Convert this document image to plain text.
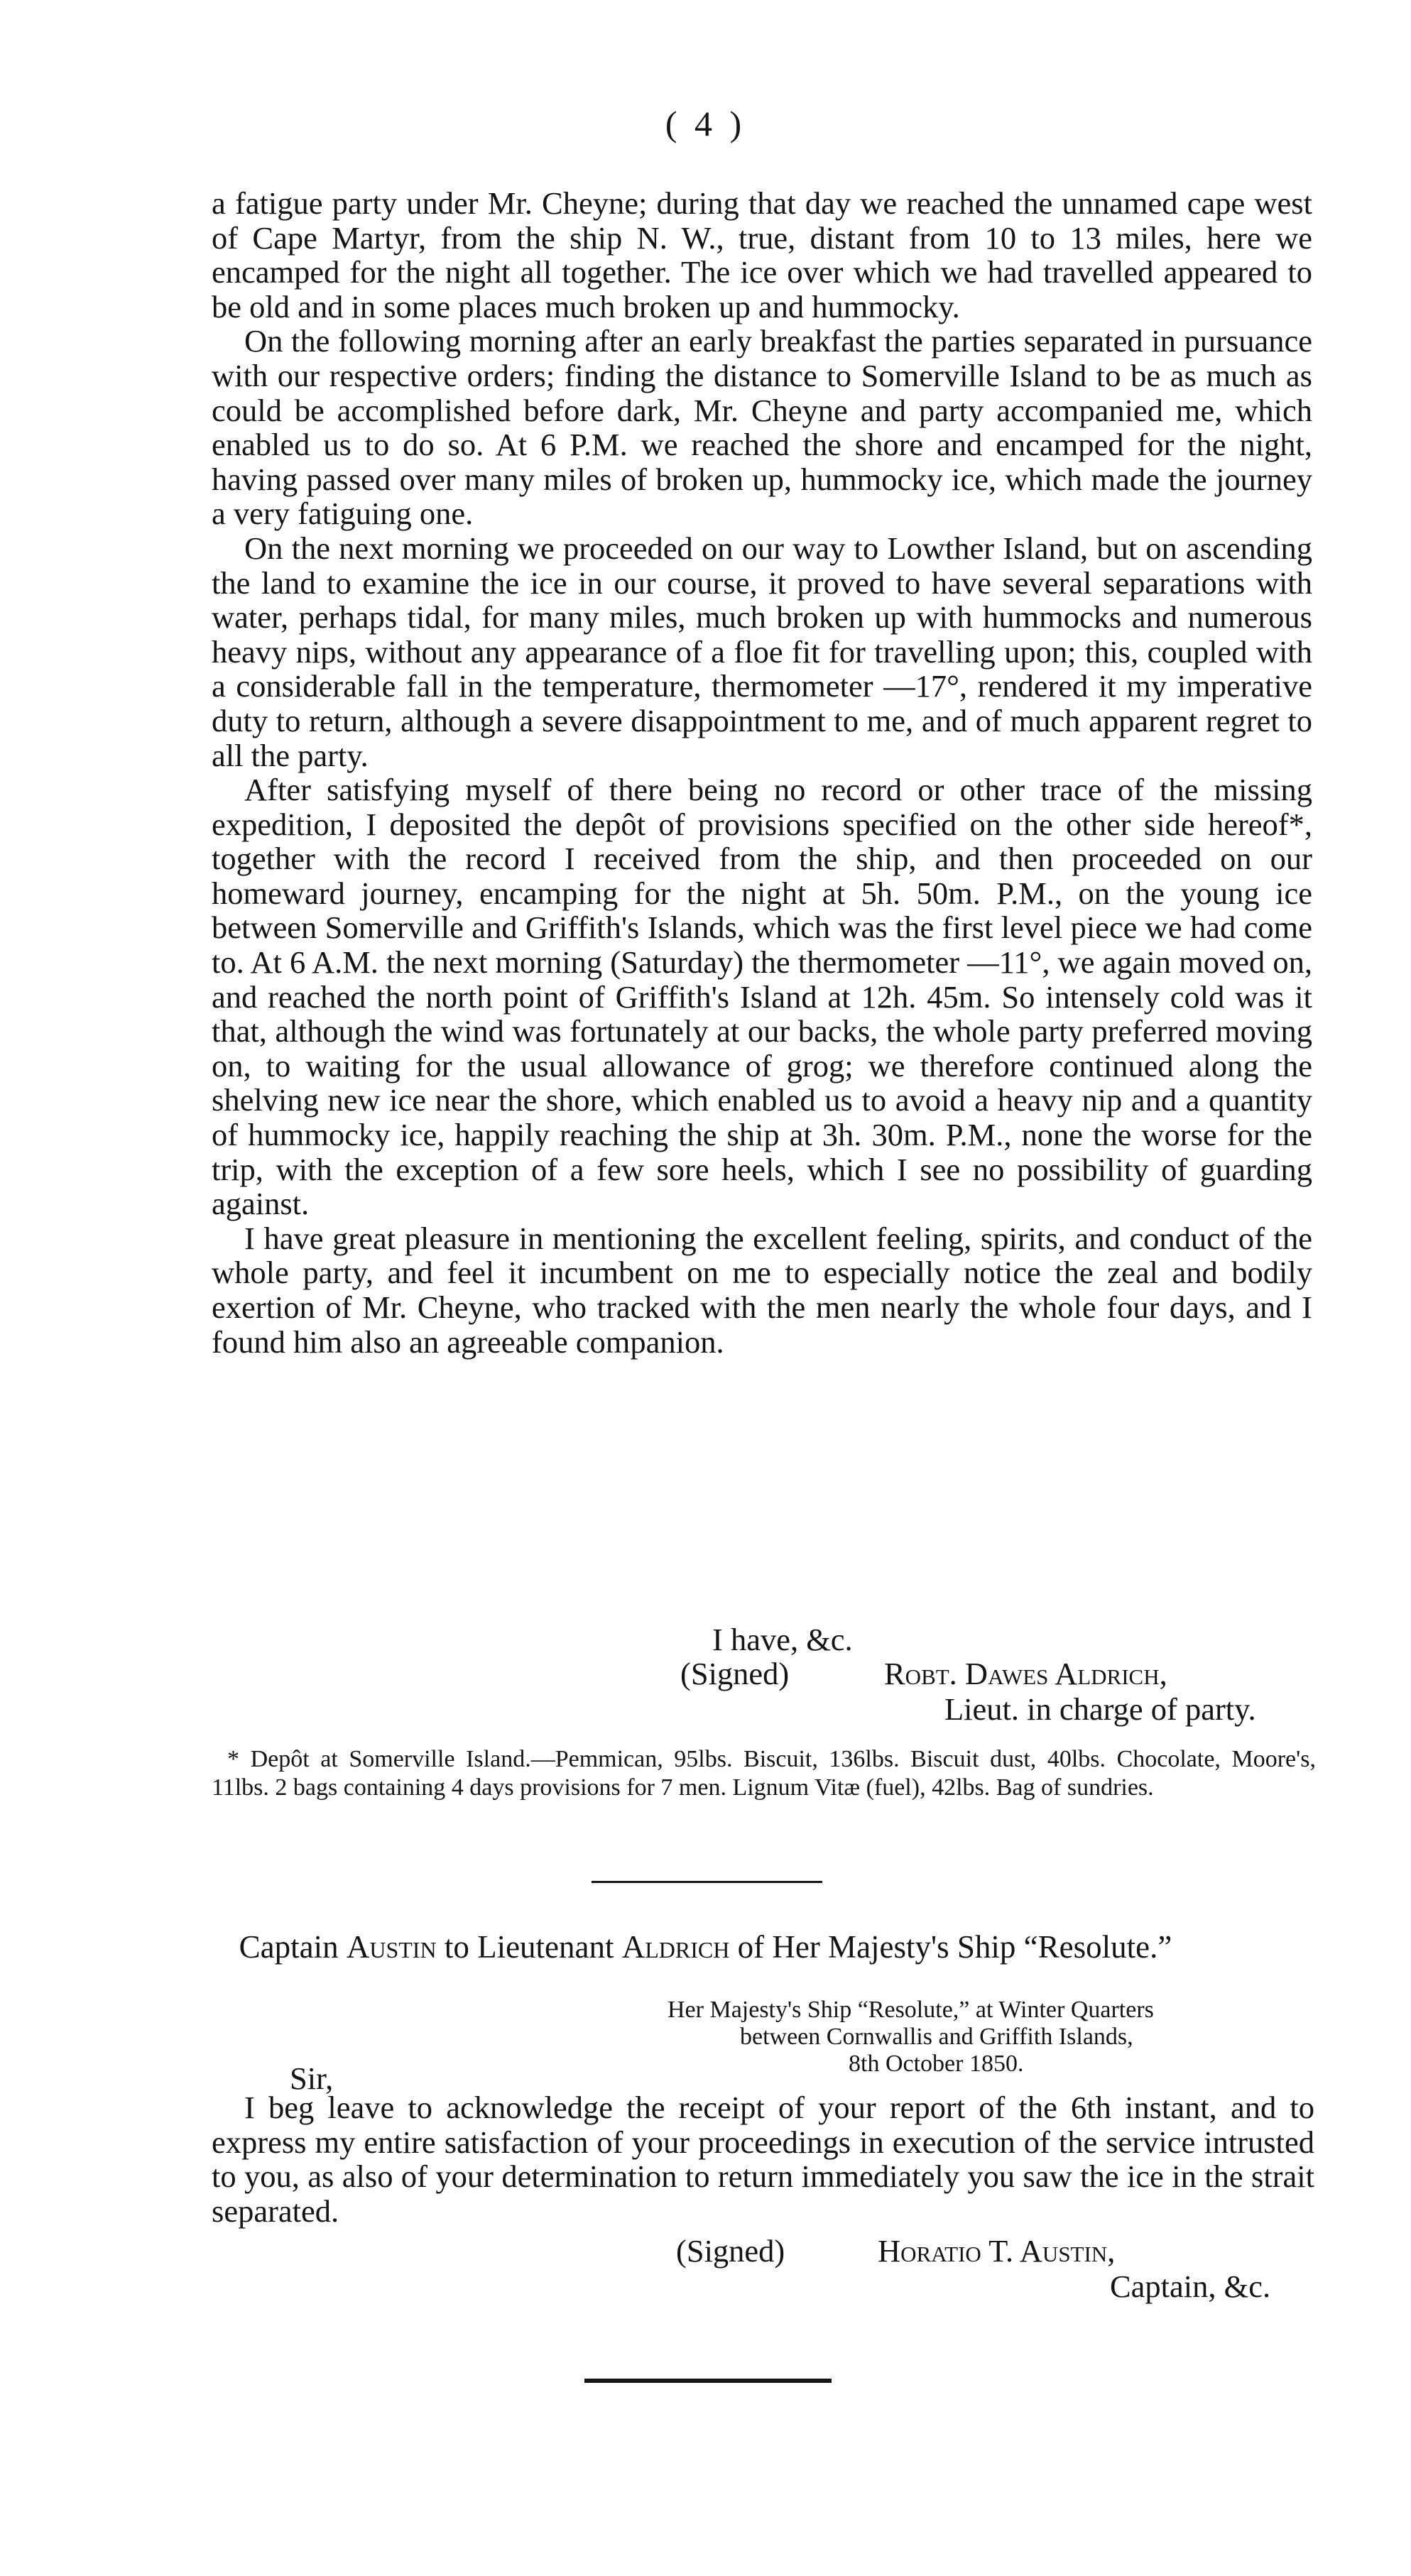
( 4 )

a fatigue party under Mr. Cheyne; during that day we reached the unnamed cape west of Cape Martyr, from the ship N. W., true, distant from 10 to 13 miles, here we encamped for the night all together. The ice over which we had travelled appeared to be old and in some places much broken up and hummocky.

On the following morning after an early breakfast the parties separated in pursuance with our respective orders; finding the distance to Somerville Island to be as much as could be accomplished before dark, Mr. Cheyne and party accompanied me, which enabled us to do so. At 6 P.M. we reached the shore and encamped for the night, having passed over many miles of broken up, hummocky ice, which made the journey a very fatiguing one.

On the next morning we proceeded on our way to Lowther Island, but on ascending the land to examine the ice in our course, it proved to have several separations with water, perhaps tidal, for many miles, much broken up with hummocks and numerous heavy nips, without any appearance of a floe fit for travelling upon; this, coupled with a considerable fall in the temperature, thermometer —17°, rendered it my imperative duty to return, although a severe disappointment to me, and of much apparent regret to all the party.

After satisfying myself of there being no record or other trace of the missing expedition, I deposited the depôt of provisions specified on the other side hereof*, together with the record I received from the ship, and then proceeded on our homeward journey, encamping for the night at 5h. 50m. P.M., on the young ice between Somerville and Griffith's Islands, which was the first level piece we had come to. At 6 A.M. the next morning (Saturday) the thermometer —11°, we again moved on, and reached the north point of Griffith's Island at 12h. 45m. So intensely cold was it that, although the wind was fortunately at our backs, the whole party preferred moving on, to waiting for the usual allowance of grog; we therefore continued along the shelving new ice near the shore, which enabled us to avoid a heavy nip and a quantity of hummocky ice, happily reaching the ship at 3h. 30m. P.M., none the worse for the trip, with the exception of a few sore heels, which I see no possibility of guarding against.

I have great pleasure in mentioning the excellent feeling, spirits, and conduct of the whole party, and feel it incumbent on me to especially notice the zeal and bodily exertion of Mr. Cheyne, who tracked with the men nearly the whole four days, and I found him also an agreeable companion.

I have, &c.
(Signed)	Robt. Dawes Aldrich,
Lieut. in charge of party.
* Depôt at Somerville Island.—Pemmican, 95lbs. Biscuit, 136lbs. Biscuit dust, 40lbs. Chocolate, Moore's, 11lbs. 2 bags containing 4 days provisions for 7 men. Lignum Vitæ (fuel), 42lbs. Bag of sundries.
Captain Austin to Lieutenant Aldrich of Her Majesty's Ship “Resolute.”
Her Majesty's Ship “Resolute,” at Winter Quarters
between Cornwallis and Griffith Islands,
8th October 1850.
Sir,

I beg leave to acknowledge the receipt of your report of the 6th instant, and to express my entire satisfaction of your proceedings in execution of the service intrusted to you, as also of your determination to return immediately you saw the ice in the strait separated.

(Signed)	Horatio T. Austin,
Captain, &c.
